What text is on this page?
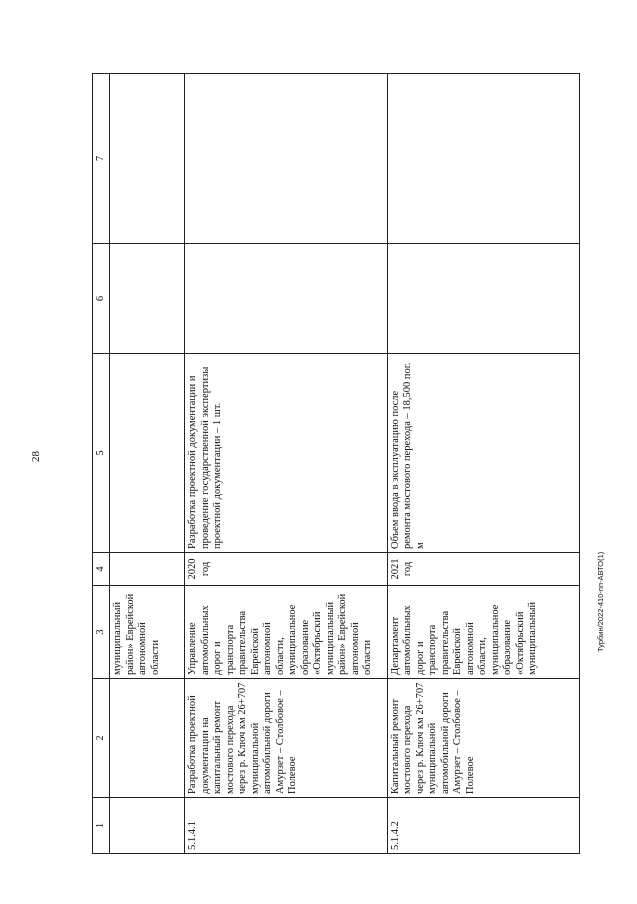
28
1	2	3	4	5	6	7
		муниципальный район» Еврейской автономной области				
5.1.4.1	Разработка проектной документации на капитальный ремонт мостового перехода через р. Ключ км 26+707 муниципальной автомобильной дороги Амурзет – Столбовое – Полевое	Управление автомобильных дорог и транспорта правительства Еврейской автономной области, муниципальное образование «Октябрьский муниципальный район» Еврейской автономной области	2020 год	Разработка проектной документации и проведение государственной экспертизы проектной документации – 1 шт.		
5.1.4.2	Капитальный ремонт мостового перехода через р. Ключ км 26+707 муниципальной автомобильной дороги Амурзет – Столбовое – Полевое	Департамент автомобильных дорог и транспорта правительства Еврейской автономной области, муниципальное образование «Октябрьский муниципальный	2021 год	Объем ввода в эксплуатацию после ремонта мостового перехода – 18,500 пог. м		
Турбин/2022-410-пп-АВТО(1)
